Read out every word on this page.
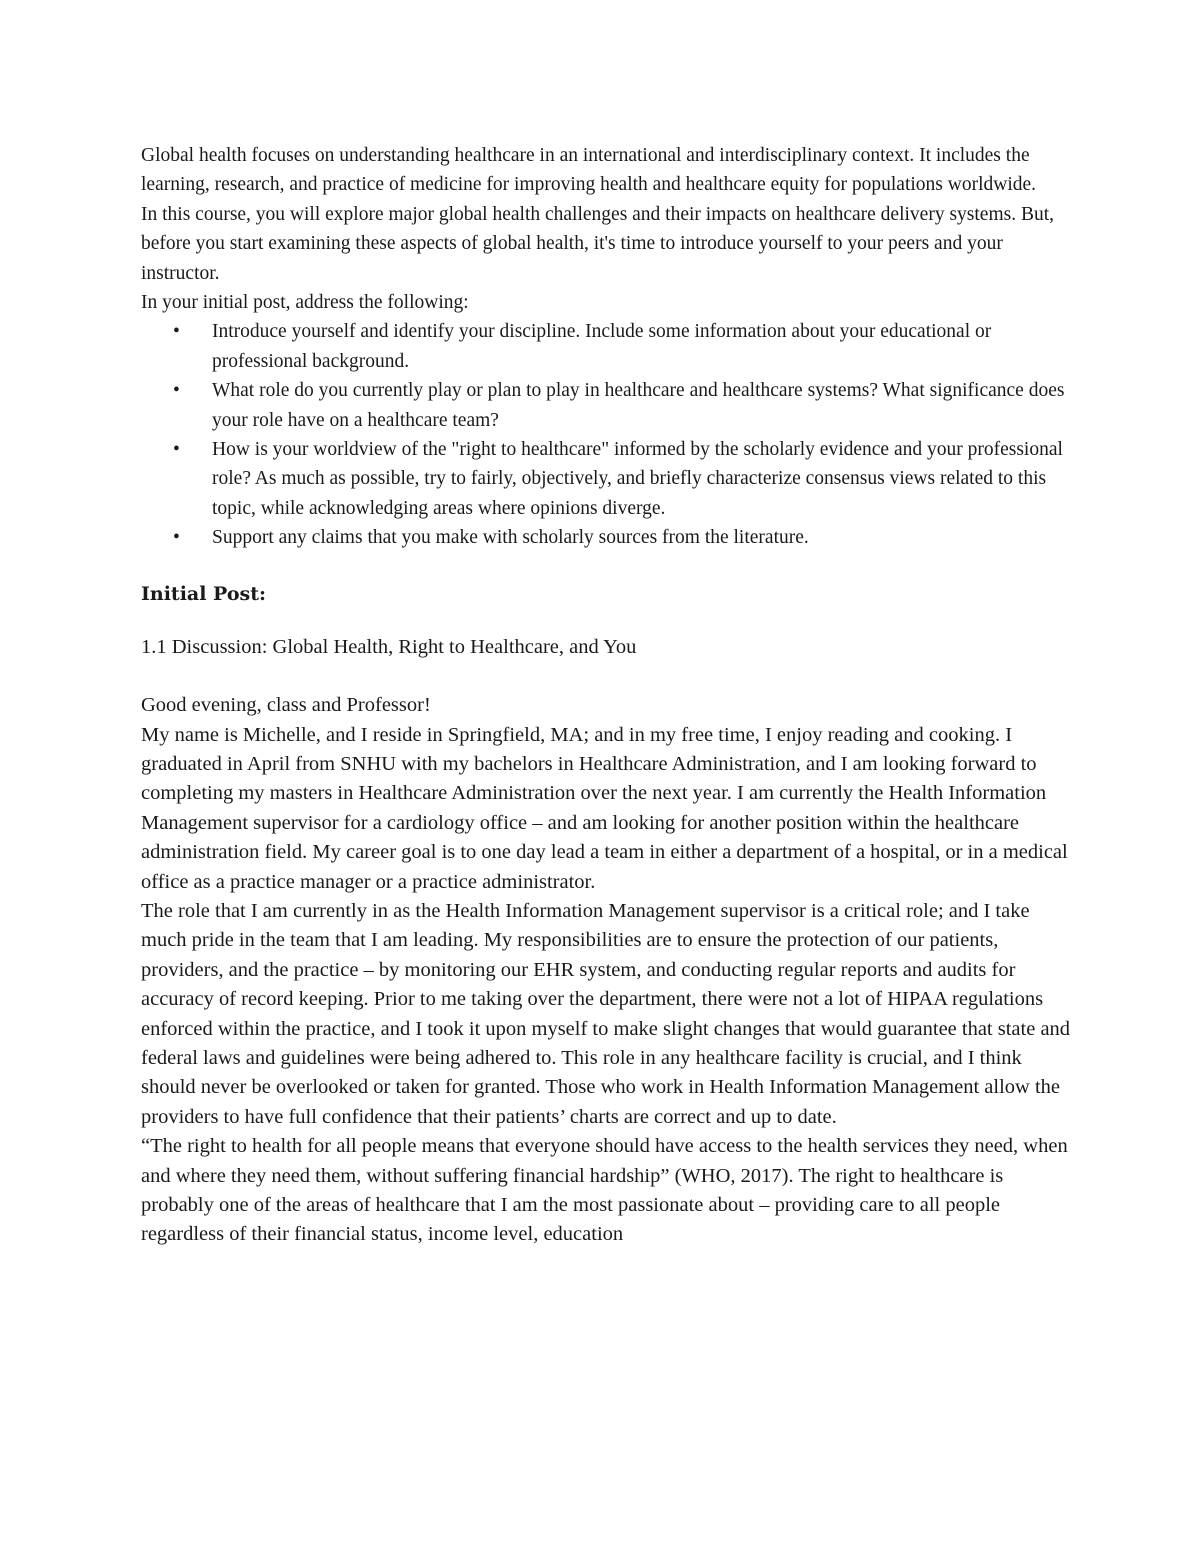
Global health focuses on understanding healthcare in an international and interdisciplinary context. It includes the learning, research, and practice of medicine for improving health and healthcare equity for populations worldwide.

In this course, you will explore major global health challenges and their impacts on healthcare delivery systems. But, before you start examining these aspects of global health, it's time to introduce yourself to your peers and your instructor.

In your initial post, address the following:

• Introduce yourself and identify your discipline. Include some information about your educational or professional background.
• What role do you currently play or plan to play in healthcare and healthcare systems? What significance does your role have on a healthcare team?
• How is your worldview of the "right to healthcare" informed by the scholarly evidence and your professional role? As much as possible, try to fairly, objectively, and briefly characterize consensus views related to this topic, while acknowledging areas where opinions diverge.
• Support any claims that you make with scholarly sources from the literature.

Initial Post:

1.1 Discussion: Global Health, Right to Healthcare, and You

Good evening, class and Professor!

My name is Michelle, and I reside in Springfield, MA; and in my free time, I enjoy reading and cooking. I graduated in April from SNHU with my bachelors in Healthcare Administration, and I am looking forward to completing my masters in Healthcare Administration over the next year. I am currently the Health Information Management supervisor for a cardiology office – and am looking for another position within the healthcare administration field. My career goal is to one day lead a team in either a department of a hospital, or in a medical office as a practice manager or a practice administrator.

The role that I am currently in as the Health Information Management supervisor is a critical role; and I take much pride in the team that I am leading. My responsibilities are to ensure the protection of our patients, providers, and the practice – by monitoring our EHR system, and conducting regular reports and audits for accuracy of record keeping. Prior to me taking over the department, there were not a lot of HIPAA regulations enforced within the practice, and I took it upon myself to make slight changes that would guarantee that state and federal laws and guidelines were being adhered to. This role in any healthcare facility is crucial, and I think should never be overlooked or taken for granted. Those who work in Health Information Management allow the providers to have full confidence that their patients’ charts are correct and up to date.

“The right to health for all people means that everyone should have access to the health services they need, when and where they need them, without suffering financial hardship” (WHO, 2017). The right to healthcare is probably one of the areas of healthcare that I am the most passionate about – providing care to all people regardless of their financial status, income level, education
